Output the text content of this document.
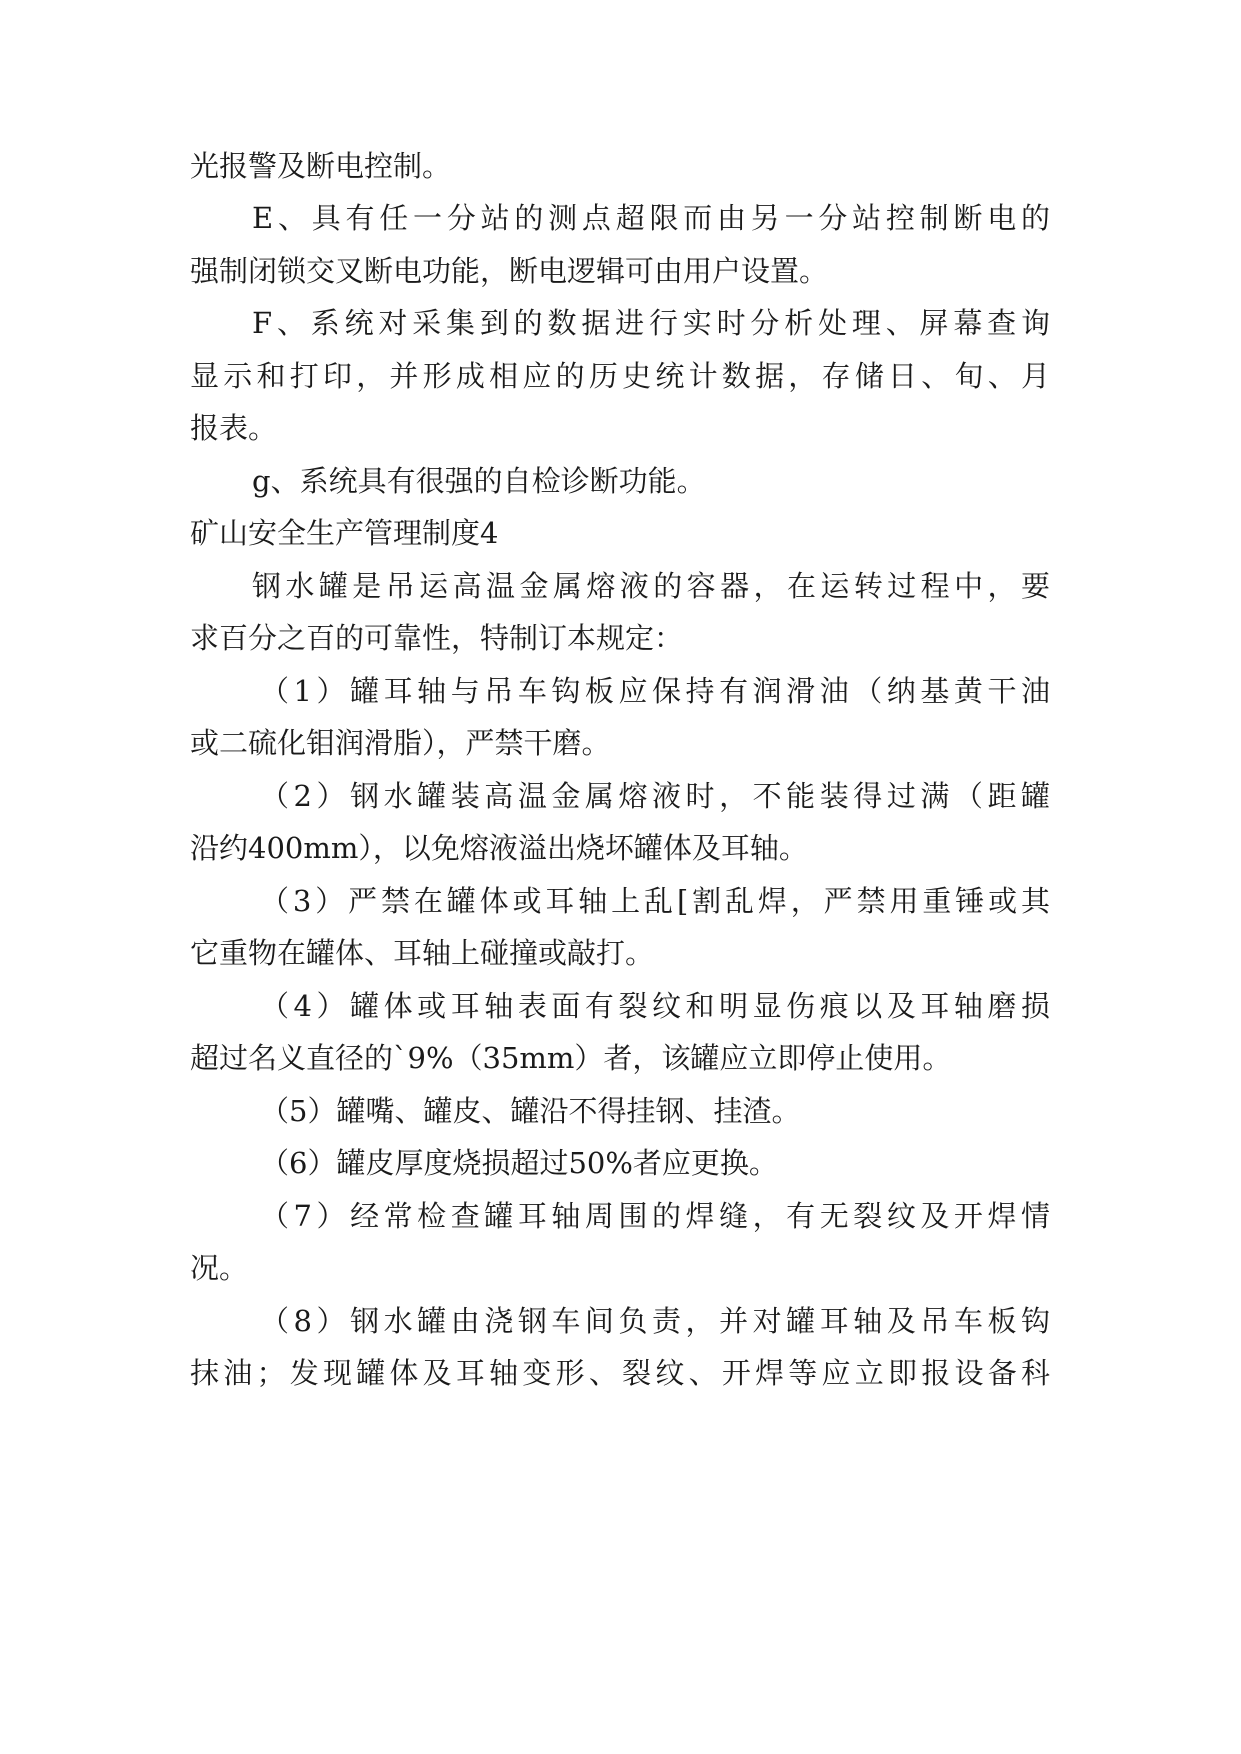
光报警及断电控制。

E、具有任一分站的测点超限而由另一分站控制断电的

强制闭锁交叉断电功能，断电逻辑可由用户设置。

F、系统对采集到的数据进行实时分析处理、屏幕查询

显示和打印，并形成相应的历史统计数据，存储日、旬、月

报表。

g、系统具有很强的自检诊断功能。

矿山安全生产管理制度4

钢水罐是吊运高温金属熔液的容器，在运转过程中，要

求百分之百的可靠性，特制订本规定：

（1）罐耳轴与吊车钩板应保持有润滑油（纳基黄干油

或二硫化钼润滑脂），严禁干磨。

（2）钢水罐装高温金属熔液时，不能装得过满（距罐

沿约400mm），以免熔液溢出烧坏罐体及耳轴。

（3）严禁在罐体或耳轴上乱[割乱焊，严禁用重锤或其

它重物在罐体、耳轴上碰撞或敲打。

（4）罐体或耳轴表面有裂纹和明显伤痕以及耳轴磨损

超过名义直径的`9%（35mm）者，该罐应立即停止使用。

（5）罐嘴、罐皮、罐沿不得挂钢、挂渣。

（6）罐皮厚度烧损超过50%者应更换。

（7）经常检查罐耳轴周围的焊缝，有无裂纹及开焊情

况。

（8）钢水罐由浇钢车间负责，并对罐耳轴及吊车板钩

抹油；发现罐体及耳轴变形、裂纹、开焊等应立即报设备科
